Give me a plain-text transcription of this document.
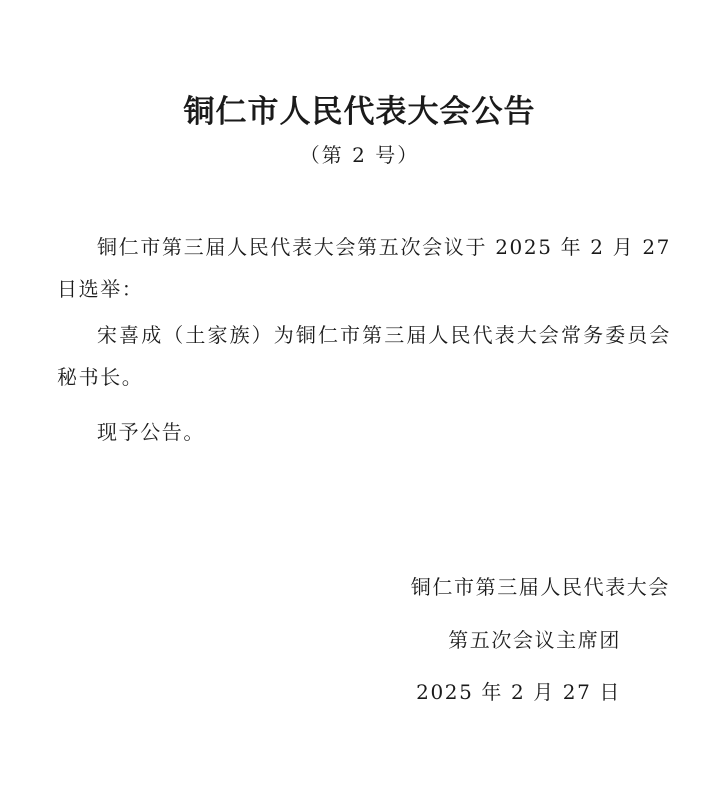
铜仁市人民代表大会公告
（第 2 号）
铜仁市第三届人民代表大会第五次会议于 2025 年 2 月 27 日选举：
宋喜成（土家族）为铜仁市第三届人民代表大会常务委员会秘书长。
现予公告。
铜仁市第三届人民代表大会
第五次会议主席团
2025 年 2 月 27 日
